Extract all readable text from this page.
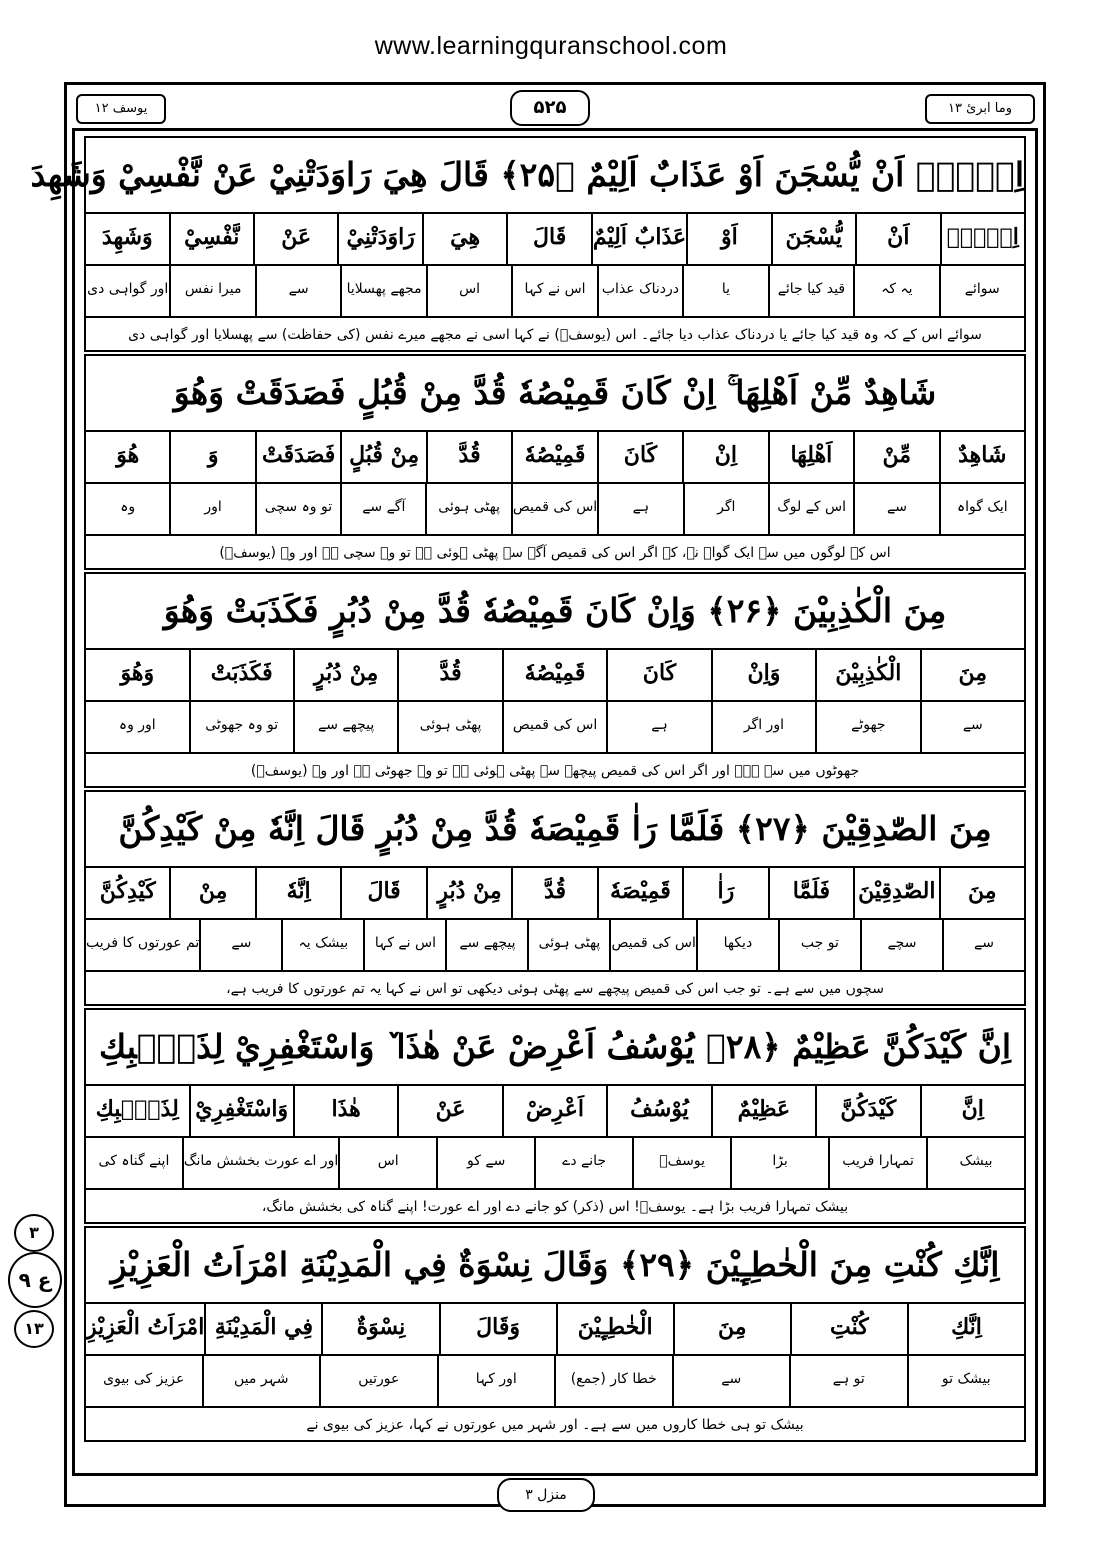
www.learningquranschool.com
یوسف ۱۲	۵۲۵	وما ابرئ ۱۳
۳
ع ۹
۱۳
اِلَّاۤ اَنْ يُّسْجَنَ اَوْ عَذَابٌ اَلِيْمٌ ﴿۲۵﴾ قَالَ هِيَ رَاوَدَتْنِيْ عَنْ نَّفْسِيْ وَشَهِدَ
اِلَّاۤ
اَنْ
يُّسْجَنَ
اَوْ
عَذَابٌ اَلِيْمٌ
قَالَ
هِيَ
رَاوَدَتْنِيْ
عَنْ
نَّفْسِيْ
وَشَهِدَ
سوائے
یہ کہ
قید کیا جائے
یا
دردناک عذاب
اس نے کہا
اس
مجھے پھسلایا
سے
میرا نفس
اور گواہی دی
سوائے اس کے کہ وہ قید کیا جائے یا دردناک عذاب دیا جائے۔ اس (یوسفؑ) نے کہا اسی نے مجھے میرے نفس (کی حفاظت) سے پھسلایا اور گواہی دی
شَاهِدٌ مِّنْ اَهْلِهَا ۚ اِنْ كَانَ قَمِيْصُهٗ قُدَّ مِنْ قُبُلٍ فَصَدَقَتْ وَهُوَ
شَاهِدٌ
مِّنْ
اَهْلِهَا
اِنْ
كَانَ
قَمِيْصُهٗ
قُدَّ
مِنْ قُبُلٍ
فَصَدَقَتْ
وَ
هُوَ
ایک گواہ
سے
اس کے لوگ
اگر
ہے
اس کی قمیص
پھٹی ہوئی
آگے سے
تو وہ سچی
اور
وہ
اس کے لوگوں میں سے ایک گواہ نے، کہ اگر اس کی قمیص آگے سے پھٹی ہوئی ہے تو وہ سچی ہے اور وہ (یوسفؑ)
مِنَ الْكٰذِبِيْنَ ﴿۲۶﴾ وَاِنْ كَانَ قَمِيْصُهٗ قُدَّ مِنْ دُبُرٍ فَكَذَبَتْ وَهُوَ
مِنَ
الْكٰذِبِيْنَ
وَاِنْ
كَانَ
قَمِيْصُهٗ
قُدَّ
مِنْ دُبُرٍ
فَكَذَبَتْ
وَهُوَ
سے
جھوٹے
اور اگر
ہے
اس کی قمیص
پھٹی ہوئی
پیچھے سے
تو وہ جھوٹی
اور وہ
جھوٹوں میں سے ہے۔ اور اگر اس کی قمیص پیچھے سے پھٹی ہوئی ہے تو وہ جھوٹی ہے اور وہ (یوسفؑ)
مِنَ الصّٰدِقِيْنَ ﴿۲۷﴾ فَلَمَّا رَاٰ قَمِيْصَهٗ قُدَّ مِنْ دُبُرٍ قَالَ اِنَّهٗ مِنْ كَيْدِكُنَّ
مِنَ
الصّٰدِقِيْنَ
فَلَمَّا
رَاٰ
قَمِيْصَهٗ
قُدَّ
مِنْ دُبُرٍ
قَالَ
اِنَّهٗ
مِنْ
كَيْدِكُنَّ
سے
سچے
تو جب
دیکھا
اس کی قمیص
پھٹی ہوئی
پیچھے سے
اس نے کہا
بیشک یہ
سے
تم عورتوں کا فریب
سچوں میں سے ہے۔ تو جب اس کی قمیص پیچھے سے پھٹی ہوئی دیکھی تو اس نے کہا یہ تم عورتوں کا فریب ہے،
اِنَّ كَيْدَكُنَّ عَظِيْمٌ ﴿۲۸﴾ يُوْسُفُ اَعْرِضْ عَنْ هٰذَا ٚ وَاسْتَغْفِرِيْ لِذَنْۢبِكِ
اِنَّ
كَيْدَكُنَّ
عَظِيْمٌ
يُوْسُفُ
اَعْرِضْ
عَنْ
هٰذَا
وَاسْتَغْفِرِيْ
لِذَنْۢبِكِ
بیشک
تمہارا فریب
بڑا
یوسفؑ
جانے دے
سے کو
اس
اور اے عورت بخشش مانگ
اپنے گناہ کی
بیشک تمہارا فریب بڑا ہے۔ یوسفؑ! اس (ذکر) کو جانے دے اور اے عورت! اپنے گناہ کی بخشش مانگ،
اِنَّكِ كُنْتِ مِنَ الْخٰطِـِٕيْنَ ﴿۲۹﴾ وَقَالَ نِسْوَةٌ فِي الْمَدِيْنَةِ امْرَاَتُ الْعَزِيْزِ
اِنَّكِ
كُنْتِ
مِنَ
الْخٰطِـِٕيْنَ
وَقَالَ
نِسْوَةٌ
فِي الْمَدِيْنَةِ
امْرَاَتُ الْعَزِيْزِ
بیشک تو
تو ہے
سے
خطا کار (جمع)
اور کہا
عورتیں
شہر میں
عزیز کی بیوی
بیشک تو ہی خطا کاروں میں سے ہے۔ اور شہر میں عورتوں نے کہا، عزیز کی بیوی نے
منزل ۳
